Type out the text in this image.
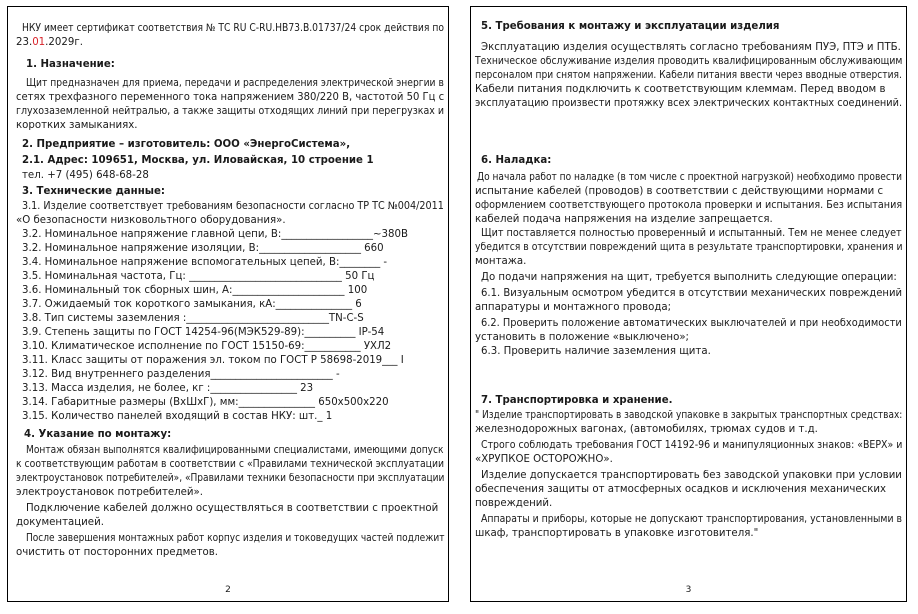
НКУ имеет сертификат соответствия № ТС RU C-RU.НВ73.В.01737/24 срок действия по
23.01.2029г.
1. Назначение:
Щит предназначен для приема, передачи и распределения электрической энергии в
сетях трехфазного переменного тока напряжением 380/220 В, частотой 50 Гц с
глухозаземленной нейтралью, а также защиты отходящих линий при перегрузках и
коротких замыканиях.
2. Предприятие – изготовитель: ООО «ЭнергоСистема»,
2.1. Адрес: 109651, Москва, ул. Иловайская, 10 строение 1
тел. +7 (495) 648-68-28
3. Технические данные:
3.1. Изделие соответствует требованиям безопасности согласно ТР ТС №004/2011
«О безопасности низковольтного оборудования».
3.2. Номинальное напряжение главной цепи, В:__________________~380В
3.2. Номинальное напряжение изоляции, В:____________________ 660
3.4. Номинальное напряжение вспомогательных цепей, В:________ -
3.5. Номинальная частота, Гц: ______________________________ 50 Гц
3.6. Номинальный ток сборных шин, А:______________________ 100
3.7. Ожидаемый ток короткого замыкания, кА:_______________ 6
3.8. Тип системы заземления :____________________________TN-C-S
3.9. Степень защиты по ГОСТ 14254-96(МЭК529-89):__________ IP-54
3.10. Климатическое исполнение по ГОСТ 15150-69:___________ УХЛ2
3.11. Класс защиты от поражения эл. током по ГОСТ Р 58698-2019___ I
3.12. Вид внутреннего разделения________________________ -
3.13. Масса изделия, не более, кг :_________________ 23
3.14. Габаритные размеры (ВхШхГ), мм:_______________ 650х500х220
3.15. Количество панелей входящий в состав НКУ: шт._ 1
4. Указание по монтажу:
Монтаж обязан выполнятся квалифицированными специалистами, имеющими допуск
к соответствующим работам в соответствии с «Правилами технической эксплуатации
электроустановок потребителей», «Правилами техники безопасности при эксплуатации
электроустановок потребителей».
Подключение кабелей должно осуществляться в соответствии с проектной
документацией.
После завершения монтажных работ корпус изделия и токоведущих частей подлежит
очистить от посторонних предметов.
2
5. Требования к монтажу и эксплуатации изделия
Эксплуатацию изделия осуществлять согласно требованиям ПУЭ, ПТЭ и ПТБ.
Техническое обслуживание изделия проводить квалифицированным обслуживающим
персоналом при снятом напряжении. Кабели питания ввести через вводные отверстия.
Кабели питания подключить к соответствующим клеммам. Перед вводом в
эксплуатацию произвести протяжку всех электрических контактных соединений.
6. Наладка:
До начала работ по наладке (в том числе с проектной нагрузкой) необходимо провести
испытание кабелей (проводов) в соответствии с действующими нормами с
оформлением соответствующего протокола проверки и испытания. Без испытания
кабелей подача напряжения на изделие запрещается.
Щит поставляется полностью проверенный и испытанный. Тем не менее следует
убедится в отсутствии повреждений щита в результате транспортировки, хранения и
монтажа.
До подачи напряжения на щит, требуется выполнить следующие операции:
6.1. Визуальным осмотром убедится в отсутствии механических повреждений
аппаратуры и монтажного провода;
6.2. Проверить положение автоматических выключателей и при необходимости
установить в положение «выключено»;
6.3. Проверить наличие заземления щита.
7. Транспортировка и хранение.
" Изделие транспортировать в заводской упаковке в закрытых транспортных средствах:
железнодорожных вагонах, (автомобилях, трюмах судов и т.д.
Строго соблюдать требования ГОСТ 14192-96 и манипуляционных знаков: «ВЕРХ» и
«ХРУПКОЕ ОСТОРОЖНО».
Изделие допускается транспортировать без заводской упаковки при условии
обеспечения защиты от атмосферных осадков и исключения механических
повреждений.
Аппараты и приборы, которые не допускают транспортирования, установленными в
шкаф, транспортировать в упаковке изготовителя."
3
